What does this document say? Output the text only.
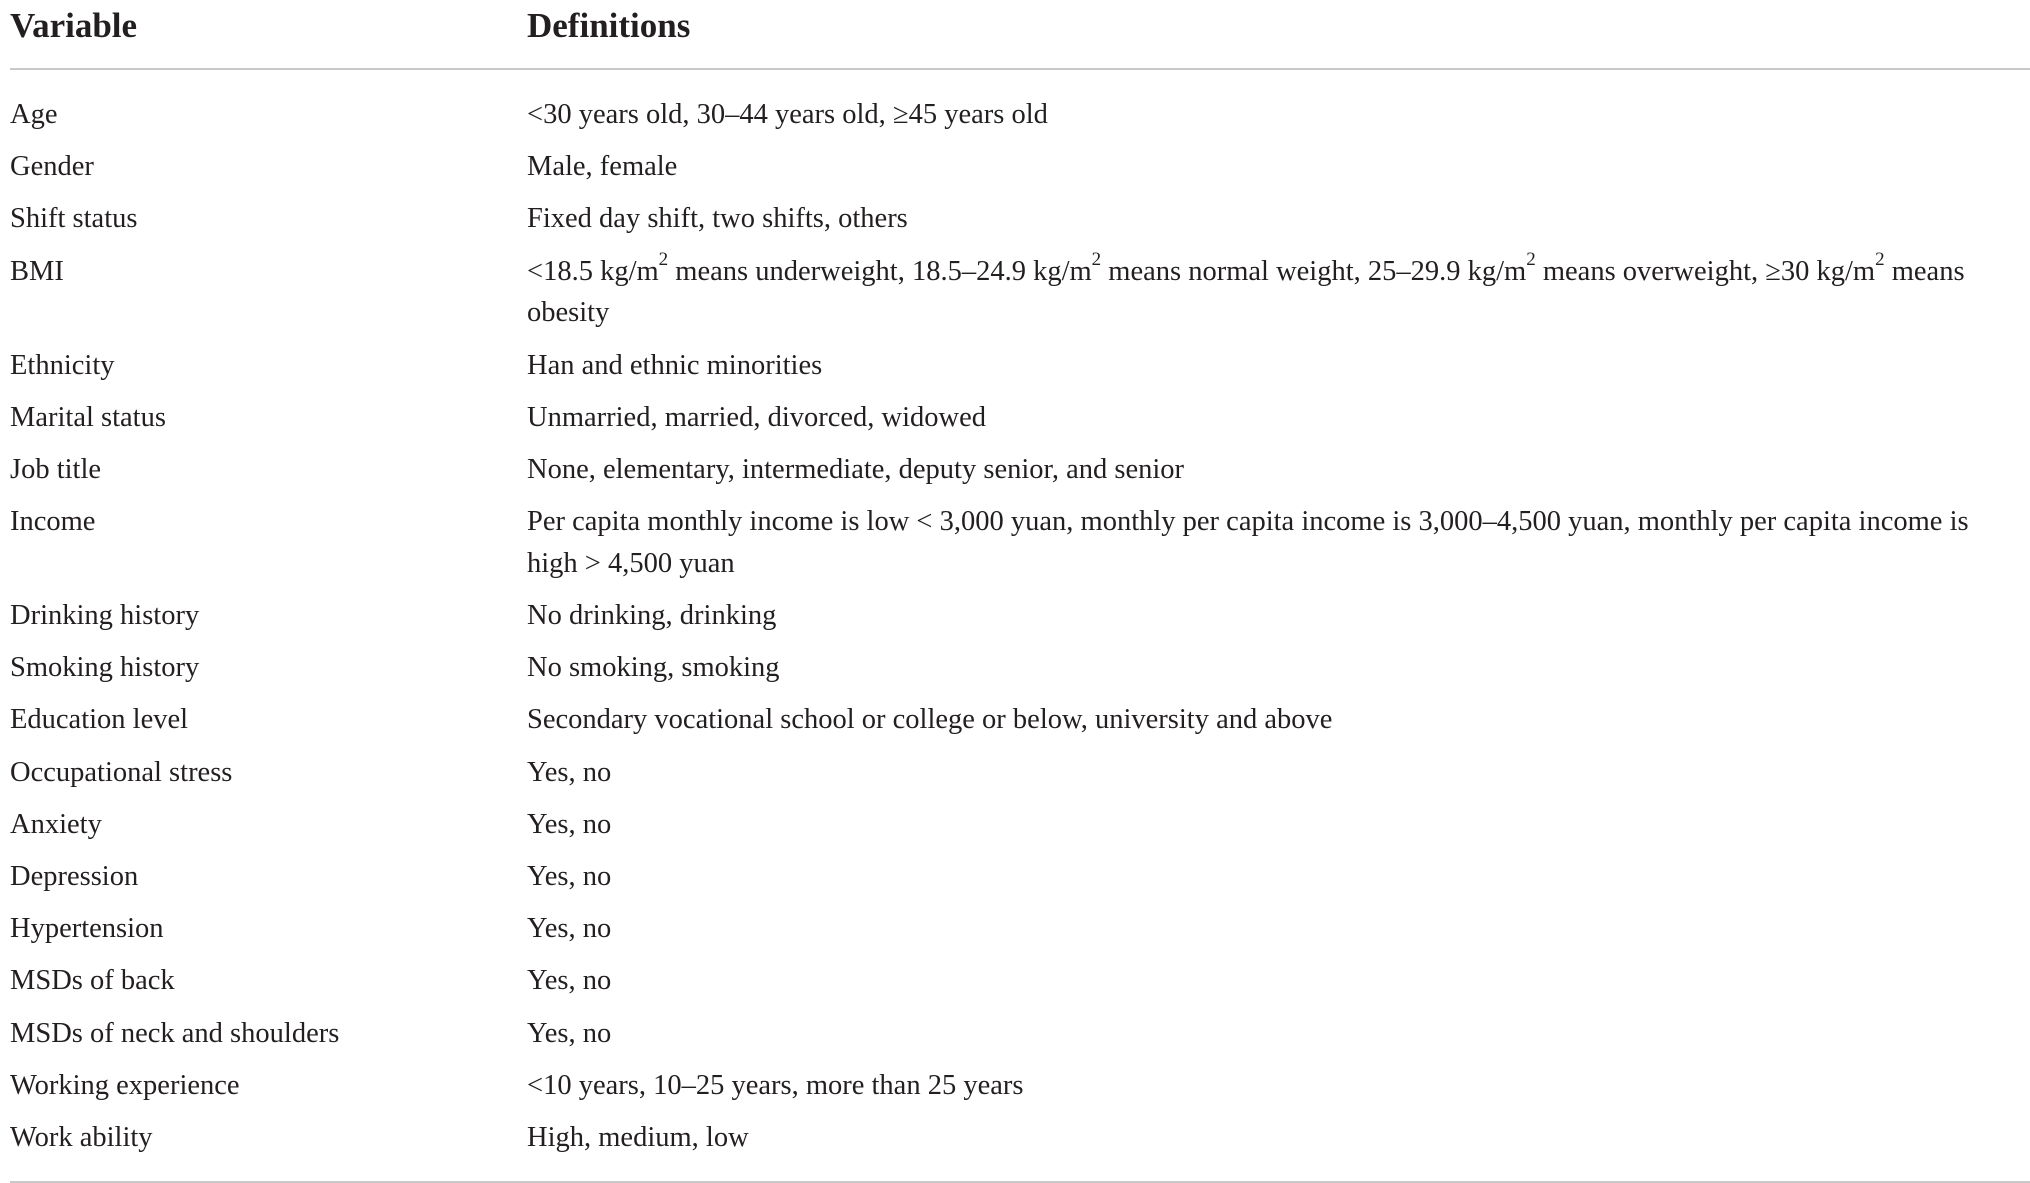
Variable	Definitions
Age	<30 years old, 30–44 years old, ≥45 years old
Gender	Male, female
Shift status	Fixed day shift, two shifts, others
BMI	<18.5 $kg/m^2$ means underweight, 18.5–24.9 $kg/m^2$ means normal weight, 25–29.9 $kg/m^2$ means overweight, ≥30 $kg/m^2$ means obesity
Ethnicity	Han and ethnic minorities
Marital status	Unmarried, married, divorced, widowed
Job title	None, elementary, intermediate, deputy senior, and senior
Income	Per capita monthly income is low < 3,000 yuan, monthly per capita income is 3,000–4,500 yuan, monthly per capita income is high > 4,500 yuan
Drinking history	No drinking, drinking
Smoking history	No smoking, smoking
Education level	Secondary vocational school or college or below, university and above
Occupational stress	Yes, no
Anxiety	Yes, no
Depression	Yes, no
Hypertension	Yes, no
MSDs of back	Yes, no
MSDs of neck and shoulders	Yes, no
Working experience	<10 years, 10–25 years, more than 25 years
Work ability	High, medium, low
